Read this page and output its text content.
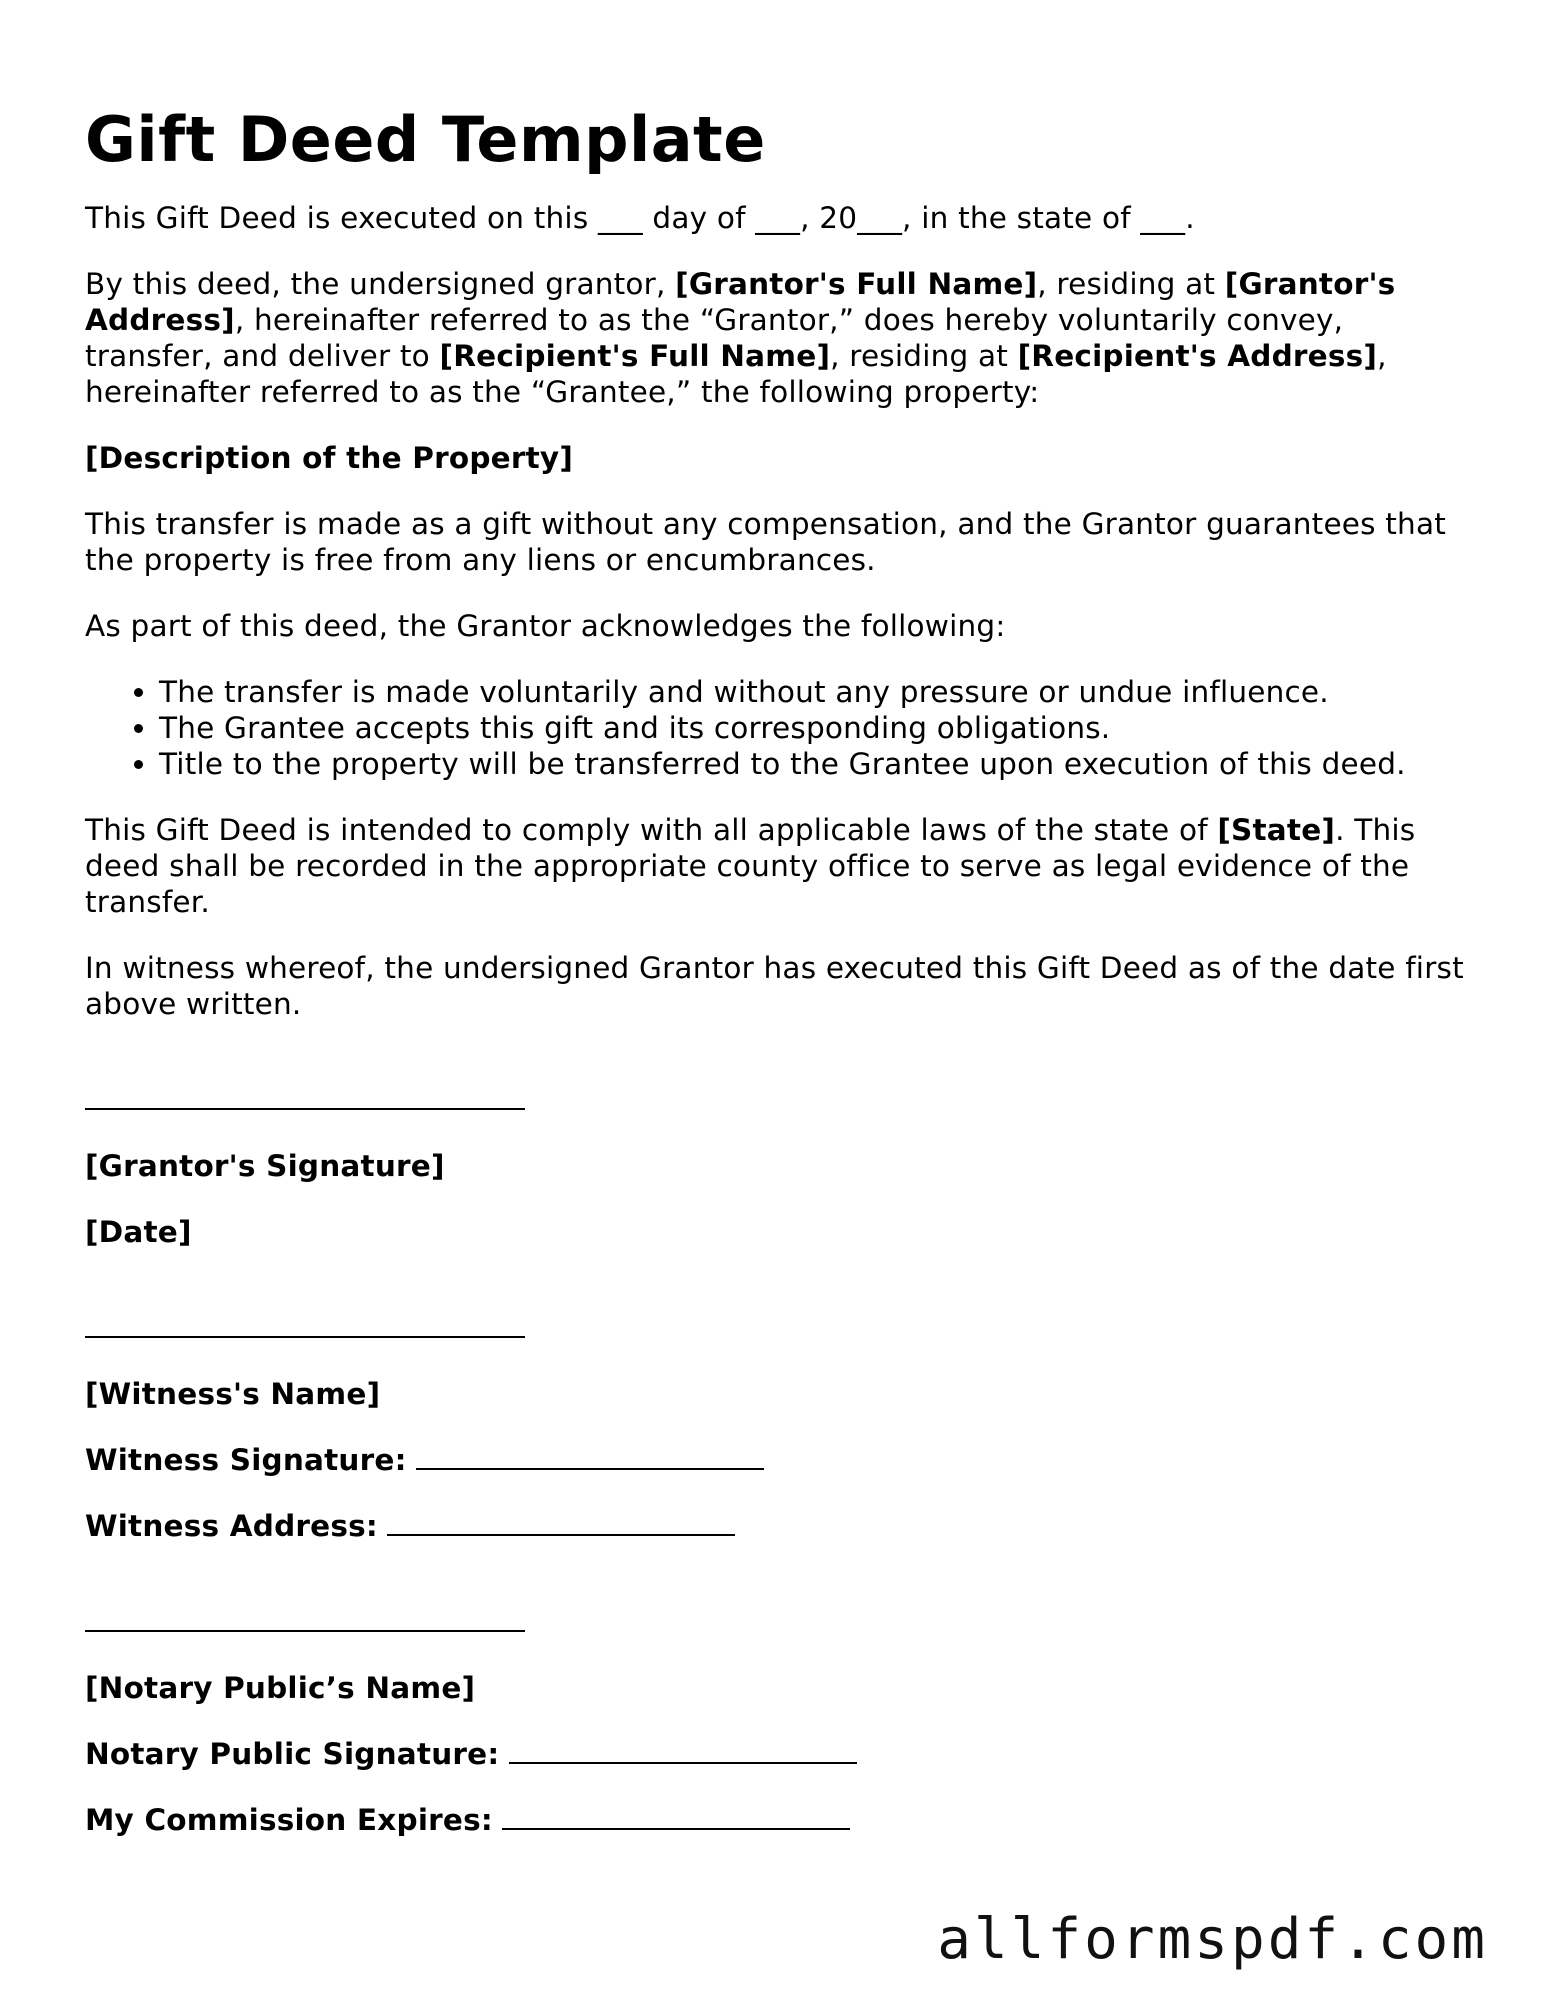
Gift Deed Template

This Gift Deed is executed on this ___ day of ___, 20___, in the state of ___.

By this deed, the undersigned grantor, [Grantor's Full Name], residing at [Grantor's Address], hereinafter referred to as the “Grantor,” does hereby voluntarily convey, transfer, and deliver to [Recipient's Full Name], residing at [Recipient's Address], hereinafter referred to as the “Grantee,” the following property:

[Description of the Property]

This transfer is made as a gift without any compensation, and the Grantor guarantees that the property is free from any liens or encumbrances.

As part of this deed, the Grantor acknowledges the following:

• The transfer is made voluntarily and without any pressure or undue influence.
• The Grantee accepts this gift and its corresponding obligations.
• Title to the property will be transferred to the Grantee upon execution of this deed.

This Gift Deed is intended to comply with all applicable laws of the state of [State]. This deed shall be recorded in the appropriate county office to serve as legal evidence of the transfer.

In witness whereof, the undersigned Grantor has executed this Gift Deed as of the date first above written.

[Grantor's Signature]

[Date]

[Witness's Name]

Witness Signature:

Witness Address:

[Notary Public’s Name]

Notary Public Signature:

My Commission Expires:

allformspdf.com
